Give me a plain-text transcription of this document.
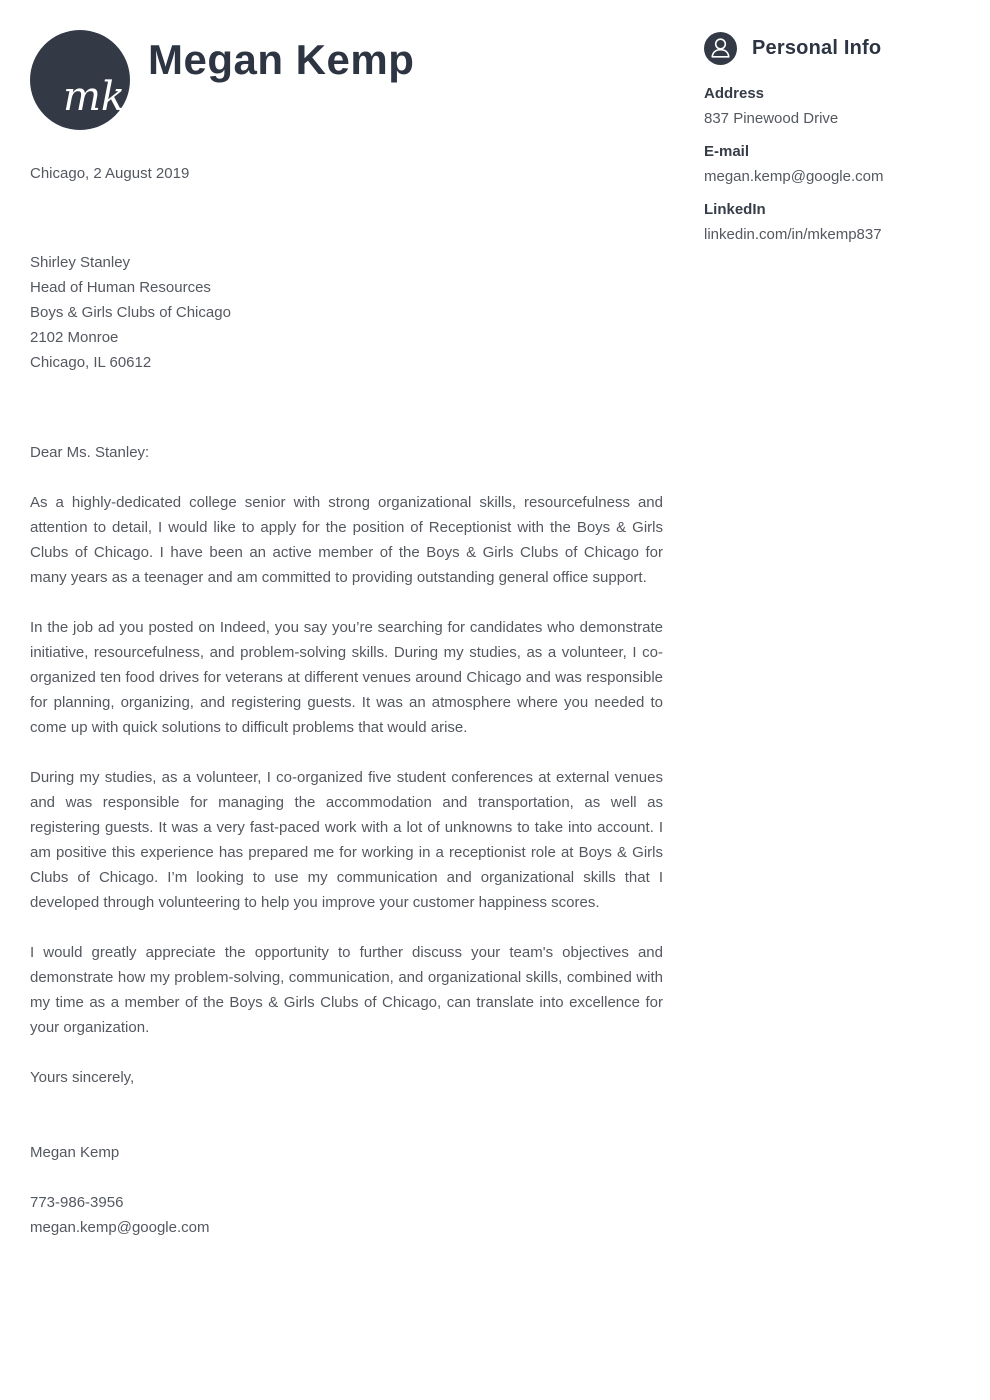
mk
Megan Kemp	Personal Info
Address
837 Pinewood Drive
E-mail
megan.kemp@google.com
LinkedIn
linkedin.com/in/mkemp837

Chicago, 2 August 2019

Shirley Stanley

Head of Human Resources

Boys & Girls Clubs of Chicago

2102 Monroe

Chicago, IL 60612

Dear Ms. Stanley:

As a highly-dedicated college senior with strong organizational skills, resourcefulness and attention to detail, I would like to apply for the position of Receptionist with the Boys & Girls Clubs of Chicago. I have been an active member of the Boys & Girls Clubs of Chicago for many years as a teenager and am committed to providing outstanding general office support.

In the job ad you posted on Indeed, you say you’re searching for candidates who demonstrate initiative, resourcefulness, and problem-solving skills. During my studies, as a volunteer, I co-organized ten food drives for veterans at different venues around Chicago and was responsible for planning, organizing, and registering guests. It was an atmosphere where you needed to come up with quick solutions to difficult problems that would arise.

During my studies, as a volunteer, I co-organized five student conferences at external venues and was responsible for managing the accommodation and transportation, as well as registering guests. It was a very fast-paced work with a lot of unknowns to take into account. I am positive this experience has prepared me for working in a receptionist role at Boys & Girls Clubs of Chicago. I’m looking to use my communication and organizational skills that I developed through volunteering to help you improve your customer happiness scores.

I would greatly appreciate the opportunity to further discuss your team's objectives and demonstrate how my problem-solving, communication, and organizational skills, combined with my time as a member of the Boys & Girls Clubs of Chicago, can translate into excellence for your organization.

Yours sincerely,

Megan Kemp

773-986-3956

megan.kemp@google.com
